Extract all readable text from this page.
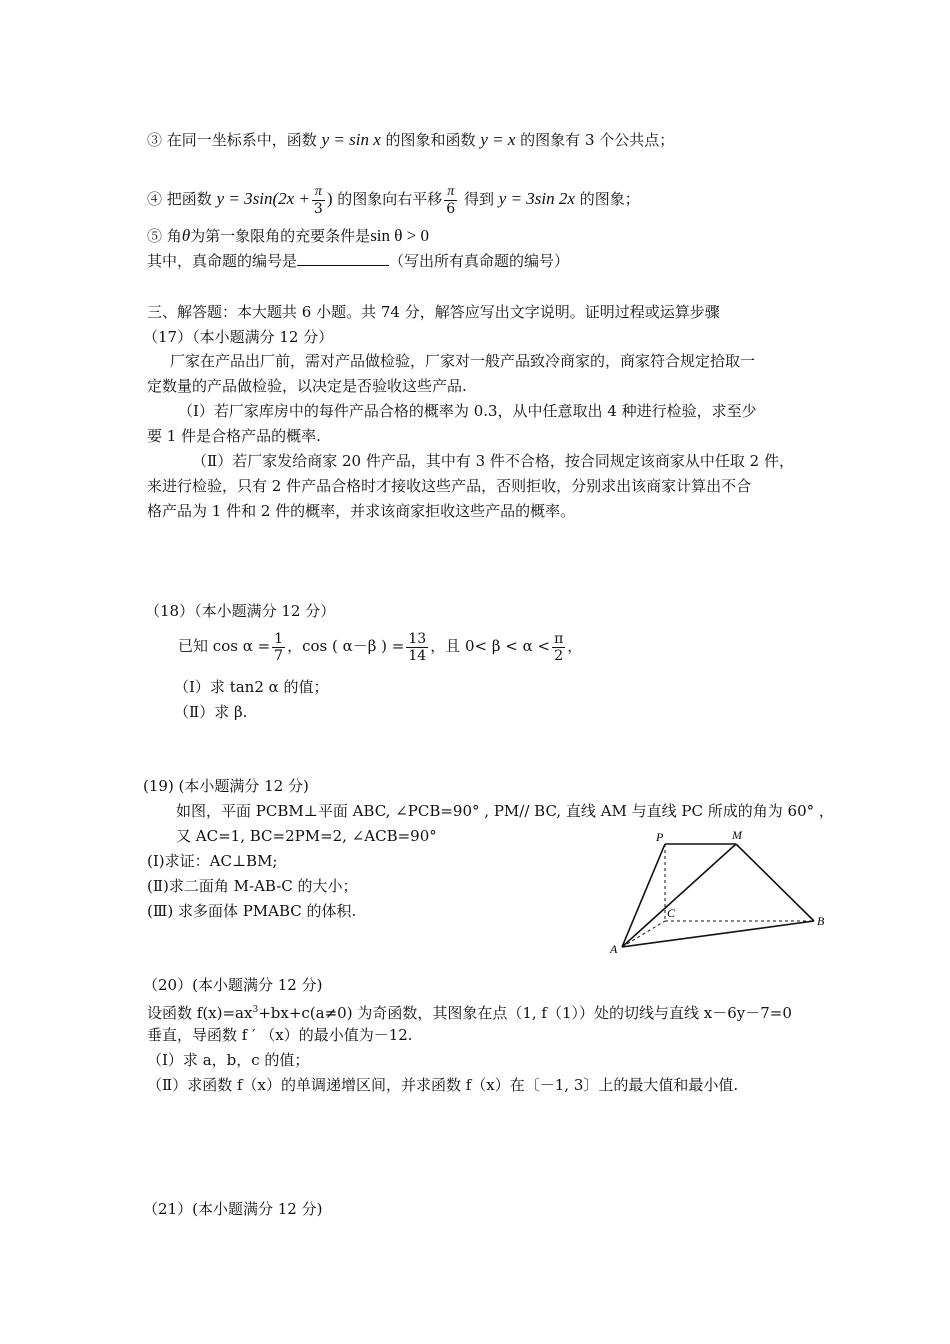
③ 在同一坐标系中，函数 y = sin x 的图象和函数 y = x 的图象有 3 个公共点；
④ 把函数 $y = 3\sin(2x + \frac{\pi}{3}$ ) 的图象向右平移 $\frac{\pi}{6}$ 得到 y = 3sin 2x 的图象；
⑤ 角θ为第一象限角的充要条件是sin θ > 0
其中，真命题的编号是	（写出所有真命题的编号）
三、解答题：本大题共 6 小题。共 74 分，解答应写出文字说明。证明过程或运算步骤
（17）（本小题满分 12 分）
厂家在产品出厂前，需对产品做检验，厂家对一般产品致冷商家的，商家符合规定拾取一
定数量的产品做检验，以决定是否验收这些产品.
（Ⅰ）若厂家库房中的每件产品合格的概率为 0.3，从中任意取出 4 种进行检验，求至少
要 1 件是合格产品的概率.
（Ⅱ）若厂家发给商家 20 件产品，其中有 3 件不合格，按合同规定该商家从中任取 2 件，
来进行检验，只有 2 件产品合格时才接收这些产品，否则拒收，分别求出该商家计算出不合
格产品为 1 件和 2 件的概率，并求该商家拒收这些产品的概率。
（18）（本小题满分 12 分）
已知 $\cos \alpha = \frac{1}{7}$ ，cos ( α－β ) = $\frac{13}{14}$ ，且 $0< \beta < \alpha < \frac{\pi}{2}$ ，
（Ⅰ）求 tan2 α 的值；
（Ⅱ）求 β.
(19) (本小题满分 12 分)
如图，平面 PCBM⊥平面 ABC, ∠PCB=90° , PM// BC, 直线 AM 与直线 PC 所成的角为 60° ，
又 AC=1, BC=2PM=2, ∠ACB=90°
(Ⅰ)求证：AC⊥BM;
(Ⅱ)求二面角 M-AB-C 的大小；
(Ⅲ) 求多面体 PMABC 的体积.
P	M
C
B
A
（20）(本小题满分 12 分)
设函数 $f(x)=ax^3+bx+c(a\ne 0)$ 为奇函数，其图象在点（1, f（1））处的切线与直线 x－6y－7=0
垂直，导函数 f ′ （x）的最小值为－12.
（Ⅰ）求 a，b，c 的值；
（Ⅱ）求函数 f（x）的单调递增区间，并求函数 f（x）在〔－1, 3〕上的最大值和最小值.
（21）(本小题满分 12 分)
